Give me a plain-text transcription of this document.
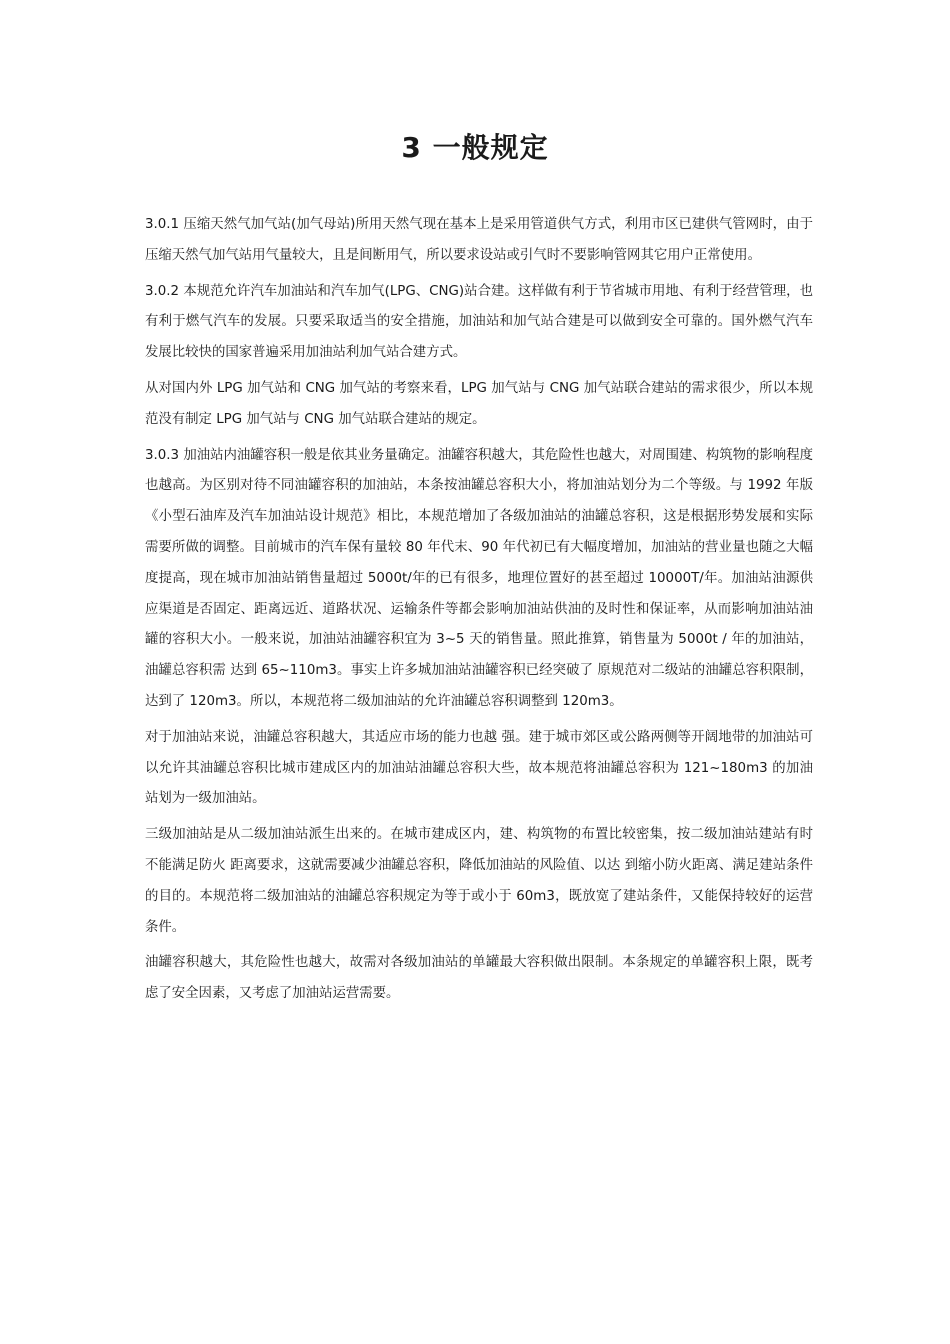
3 一般规定

3.0.1 压缩天然气加气站(加气母站)所用天然气现在基本上是采用管道供气方式，利用市区已建供气管网时，由于压缩天然气加气站用气量较大，且是间断用气，所以要求设站或引气时不要影响管网其它用户正常使用。

3.0.2 本规范允许汽车加油站和汽车加气(LPG、CNG)站合建。这样做有利于节省城市用地、有利于经营管理，也有利于燃气汽车的发展。只要采取适当的安全措施，加油站和加气站合建是可以做到安全可靠的。国外燃气汽车发展比较快的国家普遍采用加油站利加气站合建方式。

从对国内外 LPG 加气站和 CNG 加气站的考察来看，LPG 加气站与 CNG 加气站联合建站的需求很少，所以本规范没有制定 LPG 加气站与 CNG 加气站联合建站的规定。

3.0.3 加油站内油罐容积一般是依其业务量确定。油罐容积越大，其危险性也越大，对周围建、构筑物的影响程度也越高。为区别对待不同油罐容积的加油站，本条按油罐总容积大小，将加油站划分为二个等级。与 1992 年版《小型石油库及汽车加油站设计规范》相比，本规范增加了各级加油站的油罐总容积，这是根据形势发展和实际需要所做的调整。目前城市的汽车保有量较 80 年代末、90 年代初已有大幅度增加，加油站的营业量也随之大幅度提高，现在城市加油站销售量超过 5000t/年的已有很多，地理位置好的甚至超过 10000T/年。加油站油源供应渠道是否固定、距离远近、道路状况、运输条件等都会影响加油站供油的及时性和保证率，从而影响加油站油罐的容积大小。一般来说，加油站油罐容积宜为 3~5 天的销售量。照此推算，销售量为 5000t / 年的加油站，油罐总容积需 达到 65~110m3。事实上许多城加油站油罐容积已经突破了 原规范对二级站的油罐总容积限制，达到了 120m3。所以，本规范将二级加油站的允许油罐总容积调整到 120m3。

对于加油站来说，油罐总容积越大，其适应市场的能力也越 强。建于城市郊区或公路两侧等开阔地带的加油站可以允许其油罐总容积比城市建成区内的加油站油罐总容积大些，故本规范将油罐总容积为 121~180m3 的加油站划为一级加油站。

三级加油站是从二级加油站派生出来的。在城市建成区内，建、构筑物的布置比较密集，按二级加油站建站有时不能满足防火 距离要求，这就需要减少油罐总容积，降低加油站的风险值、以达 到缩小防火距离、满足建站条件的目的。本规范将二级加油站的油罐总容积规定为等于或小于 60m3，既放宽了建站条件，又能保持较好的运营条件。

油罐容积越大，其危险性也越大，故需对各级加油站的单罐最大容积做出限制。本条规定的单罐容积上限，既考虑了安全因素，又考虑了加油站运营需要。
